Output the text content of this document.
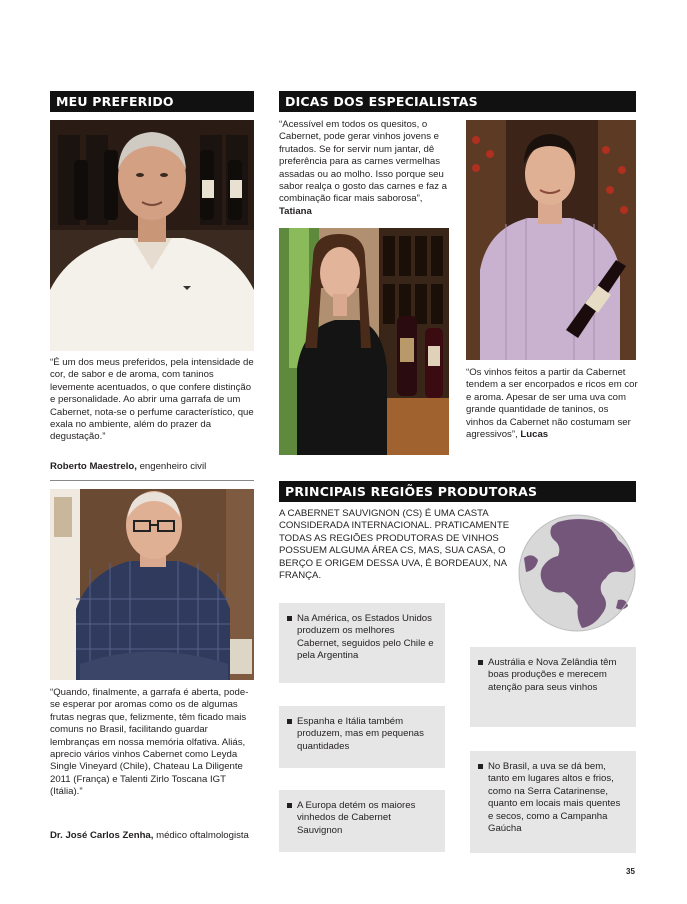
MEU PREFERIDO

“É um dos meus preferidos, pela intensidade de cor, de sabor e de aroma, com taninos levemente acentuados, o que confere distinção e personalidade. Ao abrir uma garrafa de um Cabernet, nota-se o perfume característico, que exala no ambiente, além do prazer da degustação.”

Roberto Maestrelo, engenheiro civil

“Quando, finalmente, a garrafa é aberta, pode-se esperar por aromas como os de algumas frutas negras que, felizmente, têm ficado mais comuns no Brasil, facilitando guardar lembranças em nossa memória olfativa. Aliás, aprecio vários vinhos Cabernet como Leyda Single Vineyard (Chile), Chateau La Diligente 2011 (França) e Talenti Zirlo Toscana IGT (Itália).”

Dr. José Carlos Zenha, médico oftalmologista

DICAS DOS ESPECIALISTAS

“Acessível em todos os quesitos, o Cabernet, pode gerar vinhos jovens e frutados. Se for servir num jantar, dê preferência para as carnes vermelhas assadas ou ao molho. Isso porque seu sabor realça o gosto das carnes e faz a combinação ficar mais saborosa”, Tatiana

“Os vinhos feitos a partir da Cabernet tendem a ser encorpados e ricos em cor e aroma. Apesar de ser uma uva com grande quantidade de taninos, os vinhos da Cabernet não costumam ser agressivos”, Lucas

PRINCIPAIS REGIÕES PRODUTORAS

A CABERNET SAUVIGNON (CS) É UMA CASTA CONSIDERADA INTERNACIONAL. PRATICAMENTE TODAS AS REGIÕES PRODUTORAS DE VINHOS POSSUEM ALGUMA ÁREA CS, MAS, SUA CASA, O BERÇO E ORIGEM DESSA UVA, É BORDEAUX, NA FRANÇA.

Na América, os Estados Unidos produzem os melhores Cabernet, seguidos pelo Chile e pela Argentina
Espanha e Itália também produzem, mas em pequenas quantidades
A Europa detém os maiores vinhedos de Cabernet Sauvignon
Austrália e Nova Zelândia têm boas produções e merecem atenção para seus vinhos
No Brasil, a uva se dá bem, tanto em lugares altos e frios, como na Serra Catarinense, quanto em locais mais quentes e secos, como a Campanha Gaúcha
35
